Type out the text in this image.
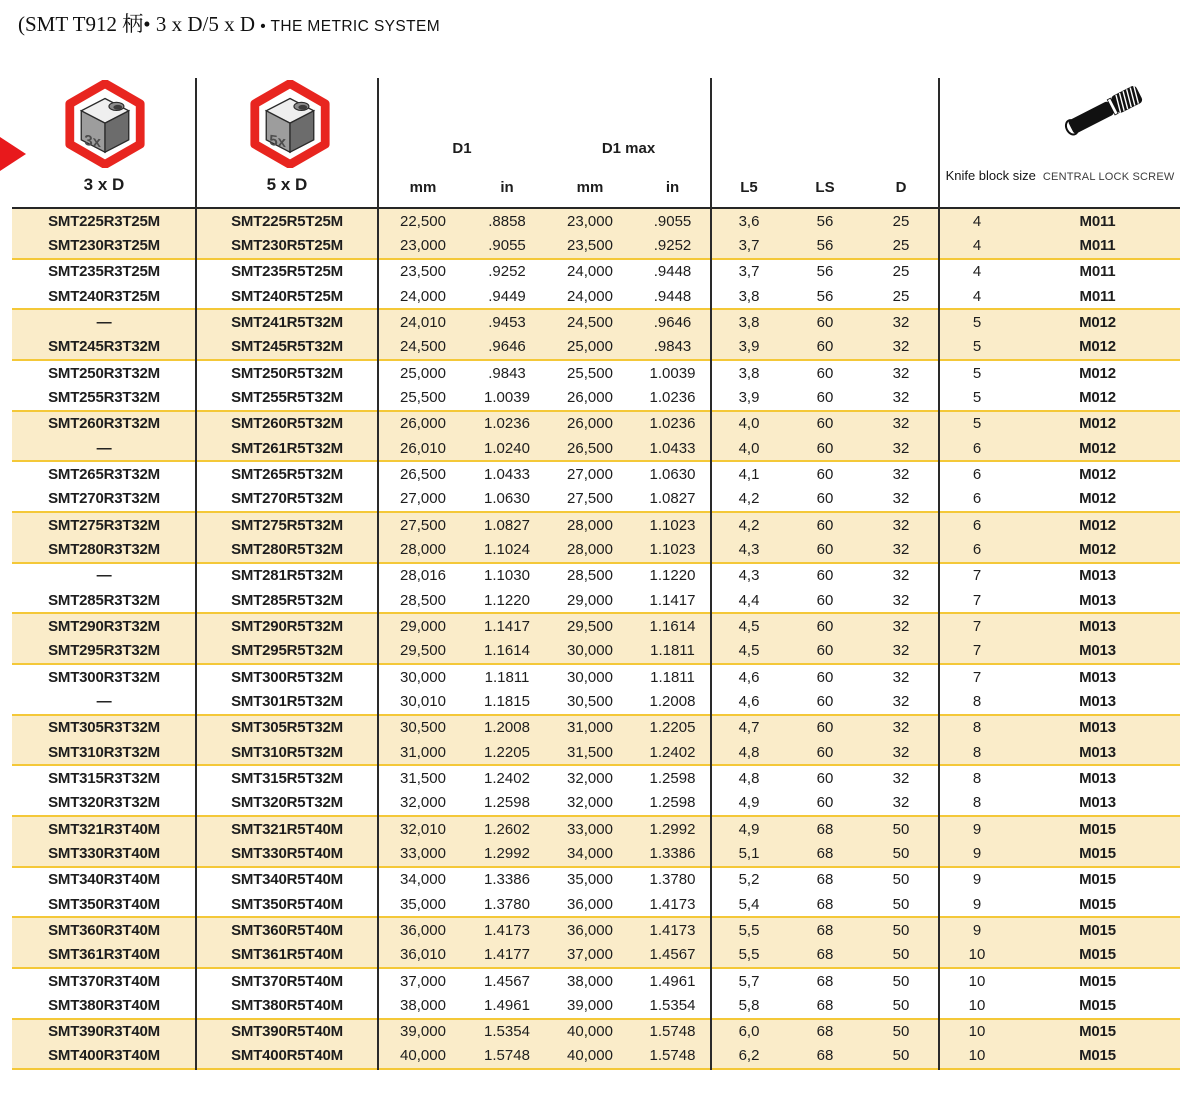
(SMT T912 柄• 3 x D/5 x D • THE METRIC SYSTEM
3x	5x
3 x D	5 x D
D1	D1 max
mm	in	mm	in	L5	LS	D
Knife block size CENTRAL LOCK SCREW
SMT225R3T25M	SMT225R5T25M	22,500	.8858	23,000	.9055	3,6	56	25	4	M011
SMT230R3T25M	SMT230R5T25M	23,000	.9055	23,500	.9252	3,7	56	25	4	M011
SMT235R3T25M	SMT235R5T25M	23,500	.9252	24,000	.9448	3,7	56	25	4	M011
SMT240R3T25M	SMT240R5T25M	24,000	.9449	24,000	.9448	3,8	56	25	4	M011
—	SMT241R5T32M	24,010	.9453	24,500	.9646	3,8	60	32	5	M012
SMT245R3T32M	SMT245R5T32M	24,500	.9646	25,000	.9843	3,9	60	32	5	M012
SMT250R3T32M	SMT250R5T32M	25,000	.9843	25,500	1.0039	3,8	60	32	5	M012
SMT255R3T32M	SMT255R5T32M	25,500	1.0039	26,000	1.0236	3,9	60	32	5	M012
SMT260R3T32M	SMT260R5T32M	26,000	1.0236	26,000	1.0236	4,0	60	32	5	M012
—	SMT261R5T32M	26,010	1.0240	26,500	1.0433	4,0	60	32	6	M012
SMT265R3T32M	SMT265R5T32M	26,500	1.0433	27,000	1.0630	4,1	60	32	6	M012
SMT270R3T32M	SMT270R5T32M	27,000	1.0630	27,500	1.0827	4,2	60	32	6	M012
SMT275R3T32M	SMT275R5T32M	27,500	1.0827	28,000	1.1023	4,2	60	32	6	M012
SMT280R3T32M	SMT280R5T32M	28,000	1.1024	28,000	1.1023	4,3	60	32	6	M012
—	SMT281R5T32M	28,016	1.1030	28,500	1.1220	4,3	60	32	7	M013
SMT285R3T32M	SMT285R5T32M	28,500	1.1220	29,000	1.1417	4,4	60	32	7	M013
SMT290R3T32M	SMT290R5T32M	29,000	1.1417	29,500	1.1614	4,5	60	32	7	M013
SMT295R3T32M	SMT295R5T32M	29,500	1.1614	30,000	1.1811	4,5	60	32	7	M013
SMT300R3T32M	SMT300R5T32M	30,000	1.1811	30,000	1.1811	4,6	60	32	7	M013
—	SMT301R5T32M	30,010	1.1815	30,500	1.2008	4,6	60	32	8	M013
SMT305R3T32M	SMT305R5T32M	30,500	1.2008	31,000	1.2205	4,7	60	32	8	M013
SMT310R3T32M	SMT310R5T32M	31,000	1.2205	31,500	1.2402	4,8	60	32	8	M013
SMT315R3T32M	SMT315R5T32M	31,500	1.2402	32,000	1.2598	4,8	60	32	8	M013
SMT320R3T32M	SMT320R5T32M	32,000	1.2598	32,000	1.2598	4,9	60	32	8	M013
SMT321R3T40M	SMT321R5T40M	32,010	1.2602	33,000	1.2992	4,9	68	50	9	M015
SMT330R3T40M	SMT330R5T40M	33,000	1.2992	34,000	1.3386	5,1	68	50	9	M015
SMT340R3T40M	SMT340R5T40M	34,000	1.3386	35,000	1.3780	5,2	68	50	9	M015
SMT350R3T40M	SMT350R5T40M	35,000	1.3780	36,000	1.4173	5,4	68	50	9	M015
SMT360R3T40M	SMT360R5T40M	36,000	1.4173	36,000	1.4173	5,5	68	50	9	M015
SMT361R3T40M	SMT361R5T40M	36,010	1.4177	37,000	1.4567	5,5	68	50	10	M015
SMT370R3T40M	SMT370R5T40M	37,000	1.4567	38,000	1.4961	5,7	68	50	10	M015
SMT380R3T40M	SMT380R5T40M	38,000	1.4961	39,000	1.5354	5,8	68	50	10	M015
SMT390R3T40M	SMT390R5T40M	39,000	1.5354	40,000	1.5748	6,0	68	50	10	M015
SMT400R3T40M	SMT400R5T40M	40,000	1.5748	40,000	1.5748	6,2	68	50	10	M015
